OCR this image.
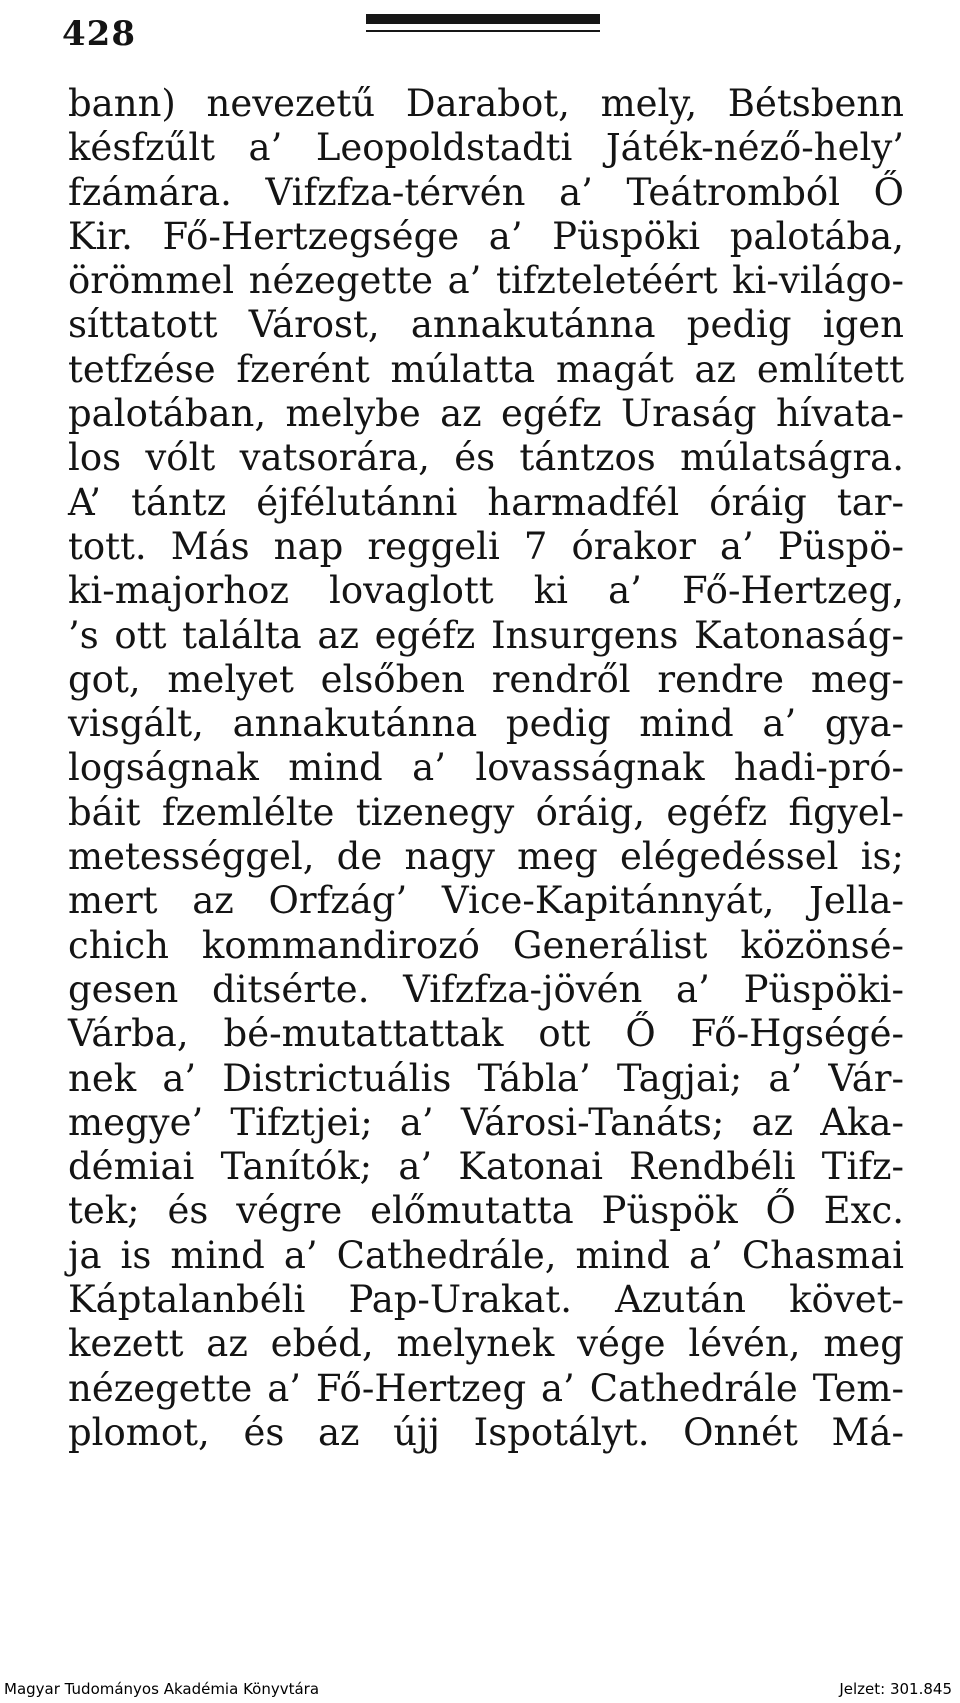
428
bann) nevezetű Darabot, mely, Bétsbenn
késfzűlt a’ Leopoldstadti Játék-néző-hely’
fzámára. Vifzfza-térvén a’ Teátromból Ő
Kir. Fő-Hertzegsége a’ Püspöki palotába,
örömmel nézegette a’ tifzteletéért ki-világo-
síttatott Várost, annakutánna pedig igen
tetfzése fzerént múlatta magát az említett
palotában, melybe az egéfz Uraság hívata-
los vólt vatsorára, és tántzos múlatságra.
A’ tántz éjfélutánni harmadfél óráig tar-
tott. Más nap reggeli 7 órakor a’ Püspö-
ki-majorhoz lovaglott ki a’ Fő-Hertzeg,
’s ott találta az egéfz Insurgens Katonaság-
got, melyet elsőben rendről rendre meg-
visgált, annakutánna pedig mind a’ gya-
logságnak mind a’ lovasságnak hadi-pró-
báit fzemlélte tizenegy óráig, egéfz figyel-
metességgel, de nagy meg elégedéssel is;
mert az Orfzág’ Vice-Kapitánnyát, Jella-
chich kommandirozó Generálist közönsé-
gesen ditsérte. Vifzfza-jövén a’ Püspöki-
Várba, bé-mutattattak ott Ő Fő-Hgségé-
nek a’ Districtuális Tábla’ Tagjai; a’ Vár-
megye’ Tifztjei; a’ Városi-Tanáts; az Aka-
démiai Tanítók; a’ Katonai Rendbéli Tifz-
tek; és végre előmutatta Püspök Ő Exc.
ja is mind a’ Cathedrále, mind a’ Chasmai
Káptalanbéli Pap-Urakat. Azután követ-
kezett az ebéd, melynek vége lévén, meg
nézegette a’ Fő-Hertzeg a’ Cathedrále Tem-
plomot, és az újj Ispotályt. Onnét Má-
Magyar Tudományos Akadémia Könyvtára	Jelzet: 301.845
